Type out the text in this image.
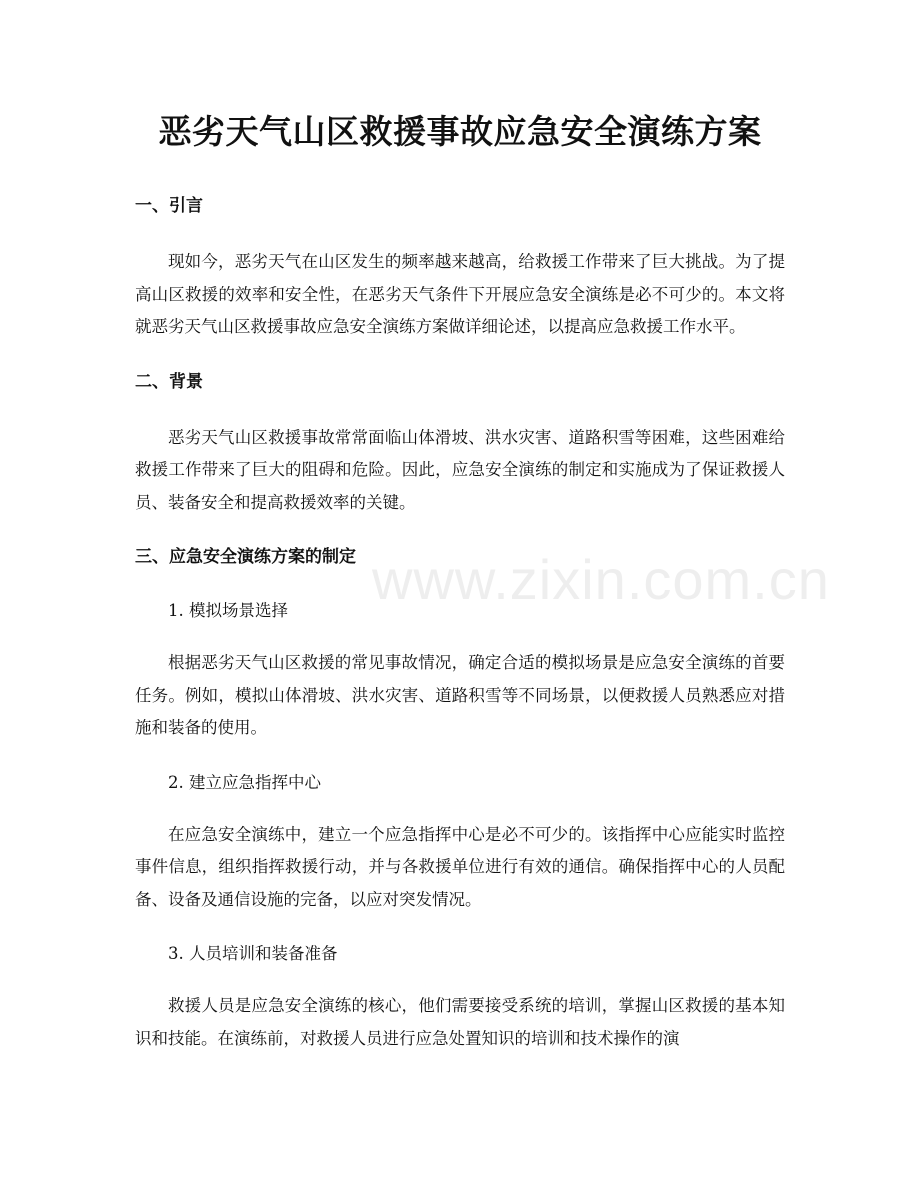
恶劣天气山区救援事故应急安全演练方案
一、引言

现如今，恶劣天气在山区发生的频率越来越高，给救援工作带来了巨大挑战。为了提高山区救援的效率和安全性，在恶劣天气条件下开展应急安全演练是必不可少的。本文将就恶劣天气山区救援事故应急安全演练方案做详细论述，以提高应急救援工作水平。

二、背景

恶劣天气山区救援事故常常面临山体滑坡、洪水灾害、道路积雪等困难，这些困难给救援工作带来了巨大的阻碍和危险。因此，应急安全演练的制定和实施成为了保证救援人员、装备安全和提高救援效率的关键。

三、应急安全演练方案的制定

1. 模拟场景选择

根据恶劣天气山区救援的常见事故情况，确定合适的模拟场景是应急安全演练的首要任务。例如，模拟山体滑坡、洪水灾害、道路积雪等不同场景，以便救援人员熟悉应对措施和装备的使用。

2. 建立应急指挥中心

在应急安全演练中，建立一个应急指挥中心是必不可少的。该指挥中心应能实时监控事件信息，组织指挥救援行动，并与各救援单位进行有效的通信。确保指挥中心的人员配备、设备及通信设施的完备，以应对突发情况。

3. 人员培训和装备准备

救援人员是应急安全演练的核心，他们需要接受系统的培训，掌握山区救援的基本知识和技能。在演练前，对救援人员进行应急处置知识的培训和技术操作的演

www.zixin.com.cn
